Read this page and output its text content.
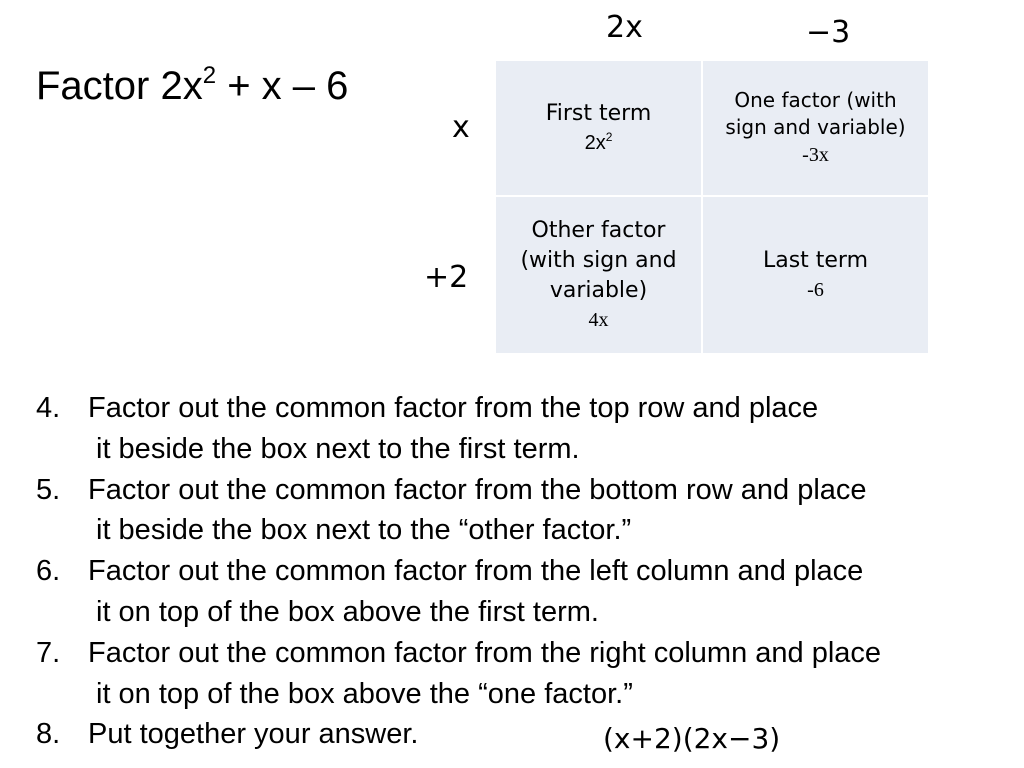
Factor $2x^2 + x - 6$
2x	−3
x
+2
First term
$2x^2$
One factor (with
sign and variable)
-3x
Other factor
(with sign and
variable)
4x
Last term
-6
4. Factor out the common factor from the top row and place
it beside the box next to the first term.
5. Factor out the common factor from the bottom row and place
it beside the box next to the “other factor.”
6. Factor out the common factor from the left column and place
it on top of the box above the first term.
7. Factor out the common factor from the right column and place
it on top of the box above the “one factor.”
8. Put together your answer.	(x+2)(2x−3)
